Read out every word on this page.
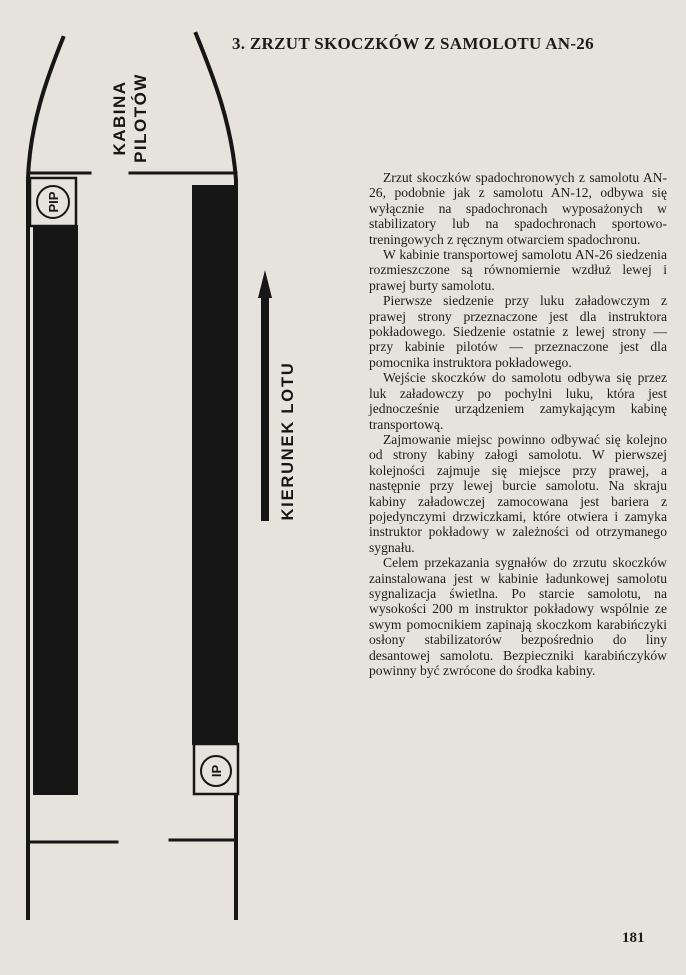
PIP
IP
KABINA PILOTÓW
KIERUNEK LOTU
3. ZRZUT SKOCZKÓW Z SAMOLOTU AN-26

Zrzut skoczków spadochronowych z samolotu AN-26, podobnie jak z samolotu AN-12, odbywa się wyłącznie na spadochronach wyposażonych w stabilizatory lub na spadochronach sportowo-treningowych z ręcznym otwarciem spadochronu.

W kabinie transportowej samolotu AN-26 siedzenia rozmieszczone są równomiernie wzdłuż lewej i prawej burty samolotu.

Pierwsze siedzenie przy luku załadowczym z prawej strony przeznaczone jest dla instruktora pokładowego. Siedzenie ostatnie z lewej strony — przy kabinie pilotów — przeznaczone jest dla pomocnika instruktora pokładowego.

Wejście skoczków do samolotu odbywa się przez luk załadowczy po pochylni luku, która jest jednocześnie urządzeniem zamykającym kabinę transportową.

Zajmowanie miejsc powinno odbywać się kolejno od strony kabiny załogi samolotu. W pierwszej kolejności zajmuje się miejsce przy prawej, a następnie przy lewej burcie samolotu. Na skraju kabiny załadowczej zamocowana jest bariera z pojedynczymi drzwiczkami, które otwiera i zamyka instruktor pokładowy w zależności od otrzymanego sygnału.

Celem przekazania sygnałów do zrzutu skoczków zainstalowana jest w kabinie ładunkowej samolotu sygnalizacja świetlna. Po starcie samolotu, na wysokości 200 m instruktor pokładowy wspólnie ze swym pomocnikiem zapinają skoczkom karabińczyki osłony stabilizatorów bezpośrednio do liny desantowej samolotu. Bezpieczniki karabińczyków powinny być zwrócone do środka kabiny.

181
